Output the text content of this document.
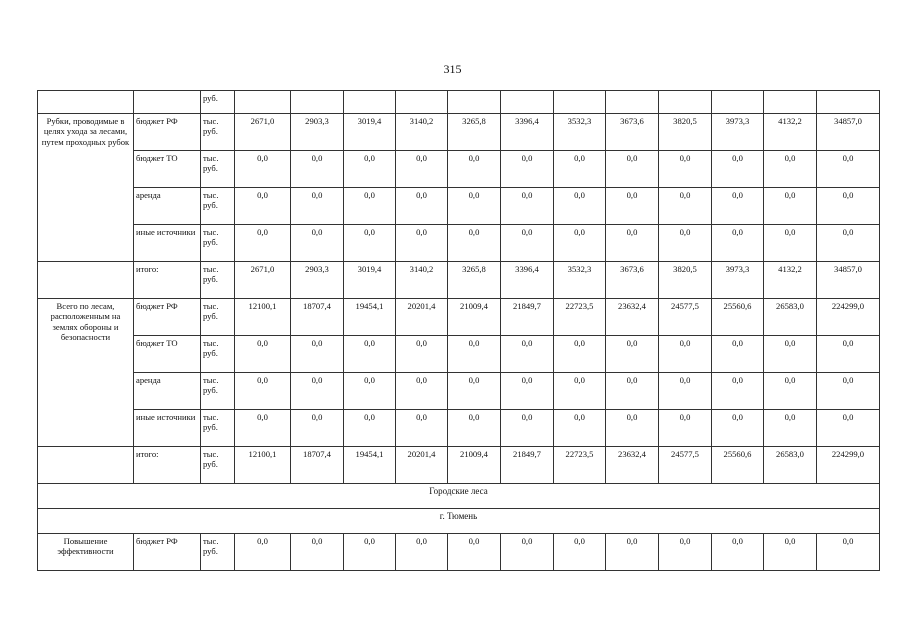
315
		руб.												
Рубки, проводимые в целях ухода за лесами, путем проходных рубок	бюджет РФ	тыс. руб.	2671,0	2903,3	3019,4	3140,2	3265,8	3396,4	3532,3	3673,6	3820,5	3973,3	4132,2	34857,0
	бюджет ТО	тыс. руб.	0,0	0,0	0,0	0,0	0,0	0,0	0,0	0,0	0,0	0,0	0,0	0,0
	аренда	тыс. руб.	0,0	0,0	0,0	0,0	0,0	0,0	0,0	0,0	0,0	0,0	0,0	0,0
	иные источники	тыс. руб.	0,0	0,0	0,0	0,0	0,0	0,0	0,0	0,0	0,0	0,0	0,0	0,0
	итого:	тыс. руб.	2671,0	2903,3	3019,4	3140,2	3265,8	3396,4	3532,3	3673,6	3820,5	3973,3	4132,2	34857,0
Всего по лесам, расположенным на землях обороны и безопасности	бюджет РФ	тыс. руб.	12100,1	18707,4	19454,1	20201,4	21009,4	21849,7	22723,5	23632,4	24577,5	25560,6	26583,0	224299,0
	бюджет ТО	тыс. руб.	0,0	0,0	0,0	0,0	0,0	0,0	0,0	0,0	0,0	0,0	0,0	0,0
	аренда	тыс. руб.	0,0	0,0	0,0	0,0	0,0	0,0	0,0	0,0	0,0	0,0	0,0	0,0
	иные источники	тыс. руб.	0,0	0,0	0,0	0,0	0,0	0,0	0,0	0,0	0,0	0,0	0,0	0,0
	итого:	тыс. руб.	12100,1	18707,4	19454,1	20201,4	21009,4	21849,7	22723,5	23632,4	24577,5	25560,6	26583,0	224299,0
Городские леса														
г. Тюмень														
Повышение эффективности	бюджет РФ	тыс. руб.	0,0	0,0	0,0	0,0	0,0	0,0	0,0	0,0	0,0	0,0	0,0	0,0
